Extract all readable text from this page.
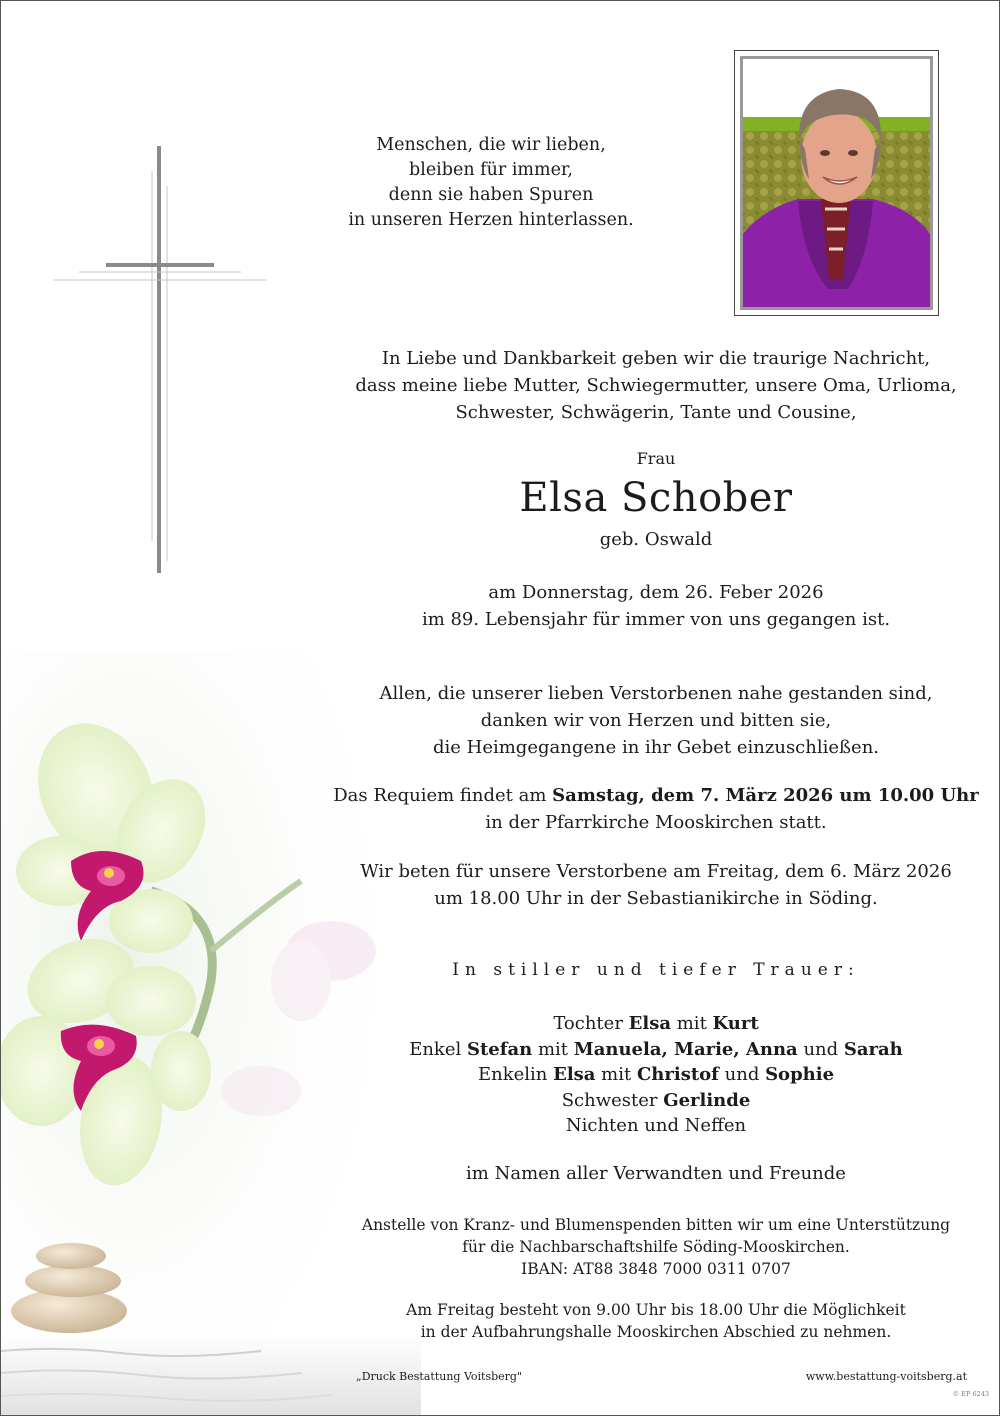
Menschen, die wir lieben,
bleiben für immer,
denn sie haben Spuren
in unseren Herzen hinterlassen.
In Liebe und Dankbarkeit geben wir die traurige Nachricht,
dass meine liebe Mutter, Schwiegermutter, unsere Oma, Urlioma,
Schwester, Schwägerin, Tante und Cousine,
Frau
Elsa Schober
geb. Oswald
am Donnerstag, dem 26. Feber 2026
im 89. Lebensjahr für immer von uns gegangen ist.
Allen, die unserer lieben Verstorbenen nahe gestanden sind,
danken wir von Herzen und bitten sie,
die Heimgegangene in ihr Gebet einzuschließen.
Das Requiem findet am Samstag, dem 7. März 2026 um 10.00 Uhr
in der Pfarrkirche Mooskirchen statt.
Wir beten für unsere Verstorbene am Freitag, dem 6. März 2026
um 18.00 Uhr in der Sebastianikirche in Söding.
In stiller und tiefer Trauer:
Tochter Elsa mit Kurt
Enkel Stefan mit Manuela, Marie, Anna und Sarah
Enkelin Elsa mit Christof und Sophie
Schwester Gerlinde
Nichten und Neffen
im Namen aller Verwandten und Freunde
Anstelle von Kranz- und Blumenspenden bitten wir um eine Unterstützung
für die Nachbarschaftshilfe Söding-Mooskirchen.
IBAN: AT88 3848 7000 0311 0707
Am Freitag besteht von 9.00 Uhr bis 18.00 Uhr die Möglichkeit
in der Aufbahrungshalle Mooskirchen Abschied zu nehmen.
„Druck Bestattung Voitsberg"	www.bestattung-voitsberg.at
© EP 6243
